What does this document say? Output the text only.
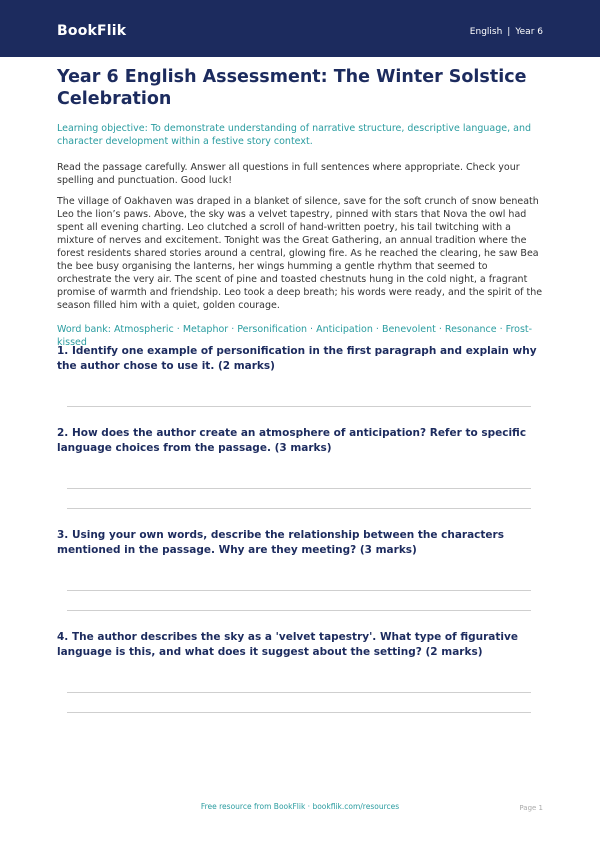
BookFlik	English | Year 6
Year 6 English Assessment: The Winter Solstice Celebration

Learning objective: To demonstrate understanding of narrative structure, descriptive language, and character development within a festive story context.

Read the passage carefully. Answer all questions in full sentences where appropriate. Check your spelling and punctuation. Good luck!

The village of Oakhaven was draped in a blanket of silence, save for the soft crunch of snow beneath Leo the lion’s paws. Above, the sky was a velvet tapestry, pinned with stars that Nova the owl had spent all evening charting. Leo clutched a scroll of hand-written poetry, his tail twitching with a mixture of nerves and excitement. Tonight was the Great Gathering, an annual tradition where the forest residents shared stories around a central, glowing fire. As he reached the clearing, he saw Bea the bee busy organising the lanterns, her wings humming a gentle rhythm that seemed to orchestrate the very air. The scent of pine and toasted chestnuts hung in the cold night, a fragrant promise of warmth and friendship. Leo took a deep breath; his words were ready, and the spirit of the season filled him with a quiet, golden courage.

Word bank: Atmospheric · Metaphor · Personification · Anticipation · Benevolent · Resonance · Frost-kissed

1. Identify one example of personification in the first paragraph and explain why the author chose to use it. (2 marks)
2. How does the author create an atmosphere of anticipation? Refer to specific language choices from the passage. (3 marks)
3. Using your own words, describe the relationship between the characters mentioned in the passage. Why are they meeting? (3 marks)
4. The author describes the sky as a 'velvet tapestry'. What type of figurative language is this, and what does it suggest about the setting? (2 marks)
Free resource from BookFlik · bookflik.com/resources	Page 1
